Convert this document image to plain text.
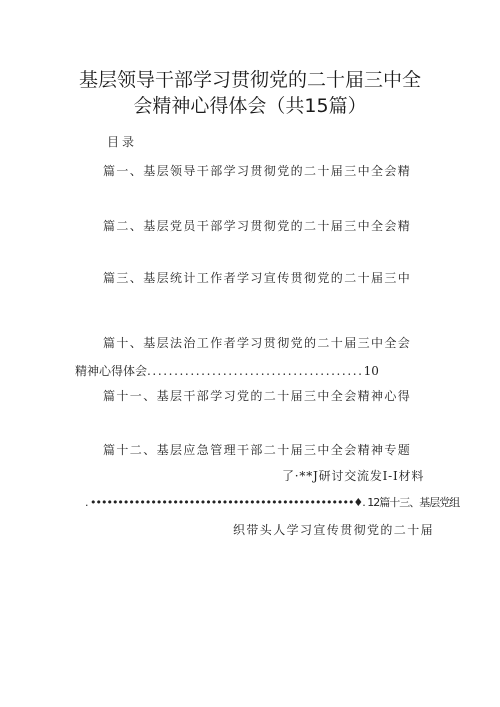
基层领导干部学习贯彻党的二十届三中全
会精神心得体会（共15篇）
目录
篇一、基层领导干部学习贯彻党的二十届三中全会精
篇二、基层党员干部学习贯彻党的二十届三中全会精
篇三、基层统计工作者学习宣传贯彻党的二十届三中
篇十、基层法治工作者学习贯彻党的二十届三中全会
精神心得体会........................................10
篇十一、基层干部学习党的二十届三中全会精神心得
篇十二、基层应急管理干部二十届三中全会精神专题
了·**J研讨交流发I-I材料
. ••••••••••••••••••••••••••••••••••••••••••••••••♦. 12篇十三、基层党组
织带头人学习宣传贯彻党的二十届
